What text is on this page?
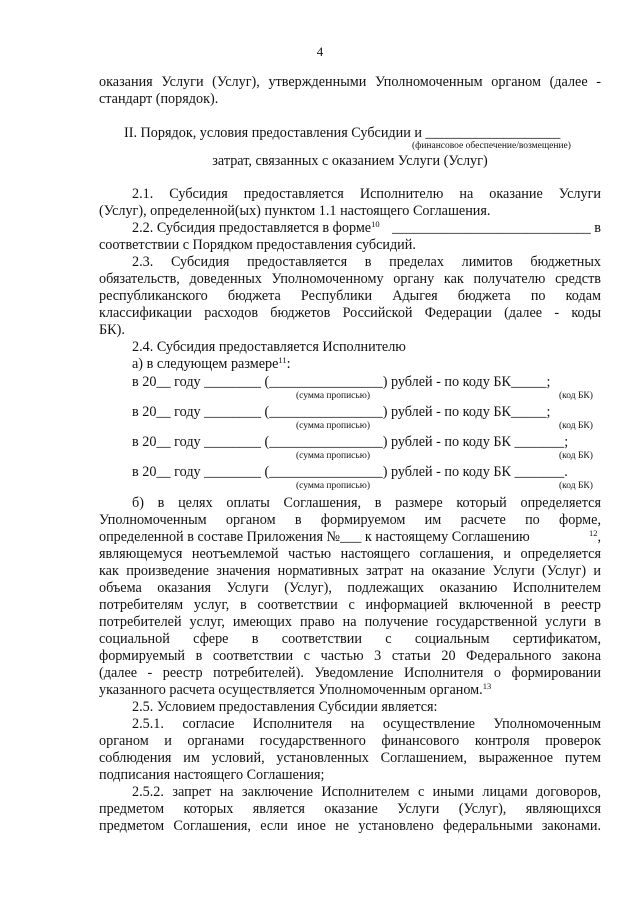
4
оказания Услуги (Услуг), утвержденными Уполномоченным органом (далее -
стандарт (порядок).
II. Порядок, условия предоставления Субсидии и ___________________
(финансовое обеспечение/возмещение)
затрат, связанных с оказанием Услуги (Услуг)
2.1. Субсидия предоставляется Исполнителю на оказание Услуги
(Услуг), определенной(ых) пунктом 1.1 настоящего Соглашения.
2.2. Субсидия предоставляется в форме$^{10}$ ____________________________ в
соответствии с Порядком предоставления субсидий.
2.3. Субсидия предоставляется в пределах лимитов бюджетных
обязательств, доведенных Уполномоченному органу как получателю средств
республиканского бюджета Республики Адыгея бюджета по кодам
классификации расходов бюджетов Российской Федерации (далее - коды
БК).
2.4. Субсидия предоставляется Исполнителю
а) в следующем размере$^{11}$:
в 20__ году ________ (________________) рублей - по коду БК_____;
(сумма прописью)	(код БК)
в 20__ году ________ (________________) рублей - по коду БК_____;
(сумма прописью)	(код БК)
в 20__ году ________ (________________) рублей - по коду БК _______;
(сумма прописью)	(код БК)
в 20__ году ________ (________________) рублей - по коду БК _______.
(сумма прописью)	(код БК)
б) в целях оплаты Соглашения, в размере который определяется
Уполномоченным органом в формируемом им расчете по форме,
определенной в составе Приложения №___ к настоящему Соглашению	$^{12}$,
являющемуся неотъемлемой частью настоящего соглашения, и определяется
как произведение значения нормативных затрат на оказание Услуги (Услуг) и
объема оказания Услуги (Услуг), подлежащих оказанию Исполнителем
потребителям услуг, в соответствии с информацией включенной в реестр
потребителей услуг, имеющих право на получение государственной услуги в
социальной сфере в соответствии с социальным сертификатом,
формируемый в соответствии с частью 3 статьи 20 Федерального закона
(далее - реестр потребителей). Уведомление Исполнителя о формировании
указанного расчета осуществляется Уполномоченным органом.$^{13}$
2.5. Условием предоставления Субсидии является:
2.5.1. согласие Исполнителя на осуществление Уполномоченным
органом и органами государственного финансового контроля проверок
соблюдения им условий, установленных Соглашением, выраженное путем
подписания настоящего Соглашения;
2.5.2. запрет на заключение Исполнителем с иными лицами договоров,
предметом которых является оказание Услуги (Услуг), являющихся
предметом Соглашения, если иное не установлено федеральными законами.
